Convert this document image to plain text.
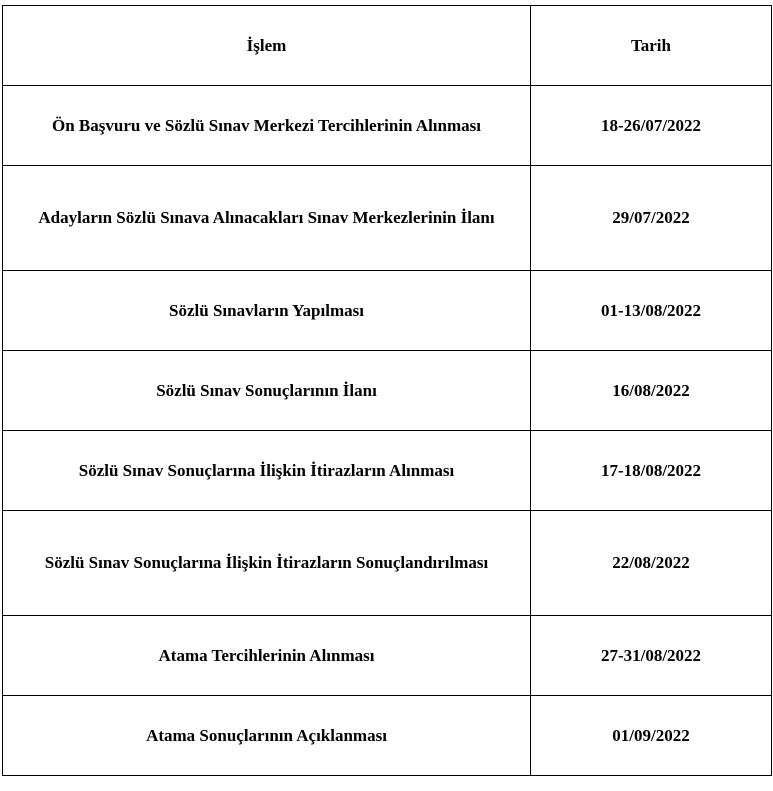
İşlem	Tarih
Ön Başvuru ve Sözlü Sınav Merkezi Tercihlerinin Alınması	18-26/07/2022
Adayların Sözlü Sınava Alınacakları Sınav Merkezlerinin İlanı	29/07/2022
Sözlü Sınavların Yapılması	01-13/08/2022
Sözlü Sınav Sonuçlarının İlanı	16/08/2022
Sözlü Sınav Sonuçlarına İlişkin İtirazların Alınması	17-18/08/2022
Sözlü Sınav Sonuçlarına İlişkin İtirazların Sonuçlandırılması	22/08/2022
Atama Tercihlerinin Alınması	27-31/08/2022
Atama Sonuçlarının Açıklanması	01/09/2022
